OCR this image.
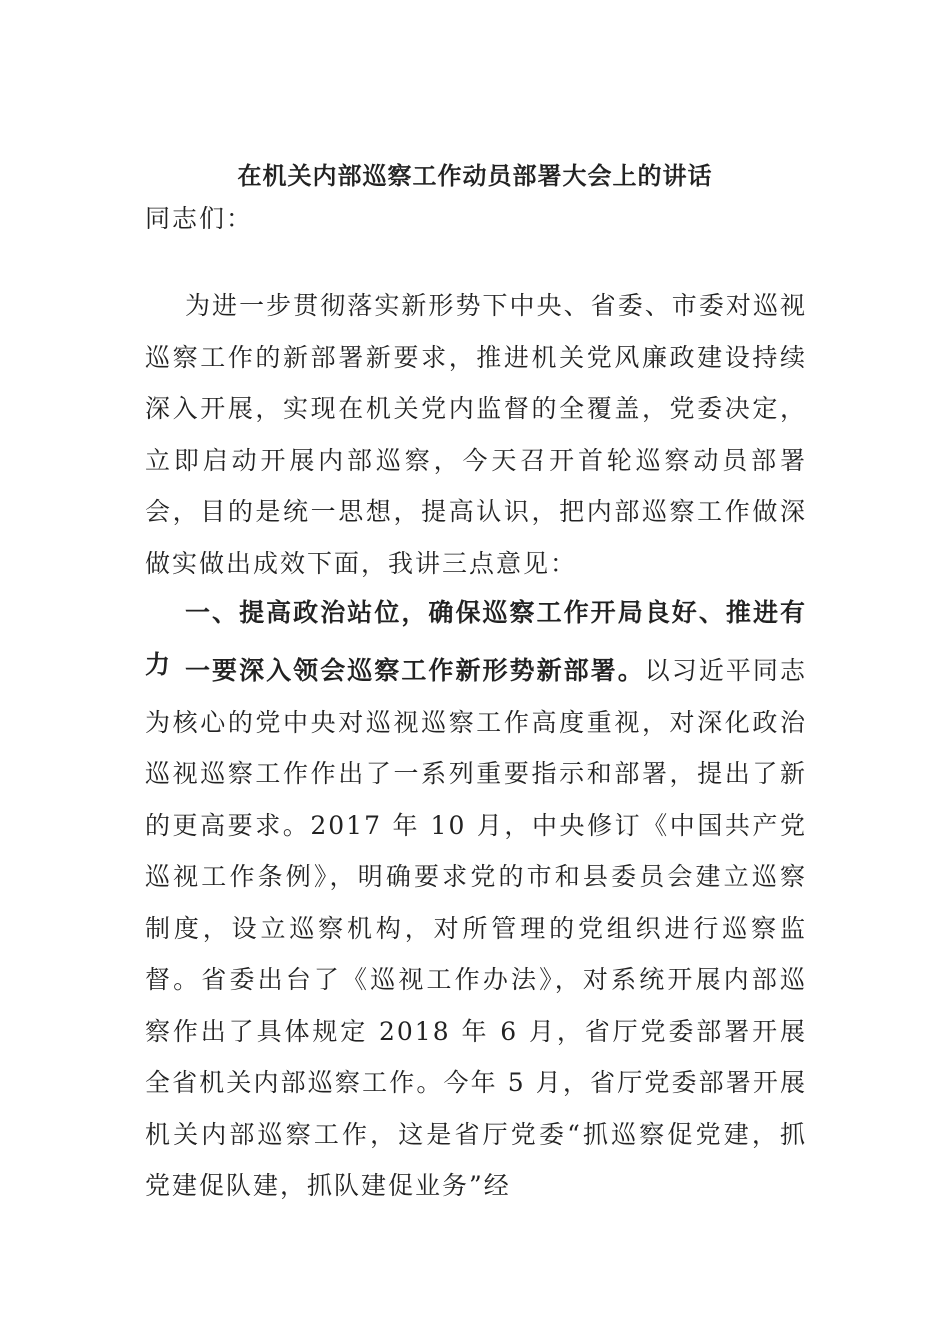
在机关内部巡察工作动员部署大会上的讲话
同志们：
为进一步贯彻落实新形势下中央、省委、市委对巡视巡察工作的新部署新要求，推进机关党风廉政建设持续深入开展，实现在机关党内监督的全覆盖，党委决定，立即启动开展内部巡察，今天召开首轮巡察动员部署会，目的是统一思想，提高认识，把内部巡察工作做深做实做出成效下面，我讲三点意见：
一、提高政治站位，确保巡察工作开局良好、推进有力 一要深入领会巡察工作新形势新部署。以习近平同志为核心的党中央对巡视巡察工作高度重视，对深化政治巡视巡察工作作出了一系列重要指示和部署，提出了新的更高要求。2017 年 10 月，中央修订《中国共产党巡视工作条例》，明确要求党的市和县委员会建立巡察制度，设立巡察机构，对所管理的党组织进行巡察监督。省委出台了《巡视工作办法》，对系统开展内部巡察作出了具体规定 2018 年 6 月，省厅党委部署开展全省机关内部巡察工作。今年 5 月，省厅党委部署开展机关内部巡察工作，这是省厅党委“抓巡察促党建，抓党建促队建，抓队建促业务”经
